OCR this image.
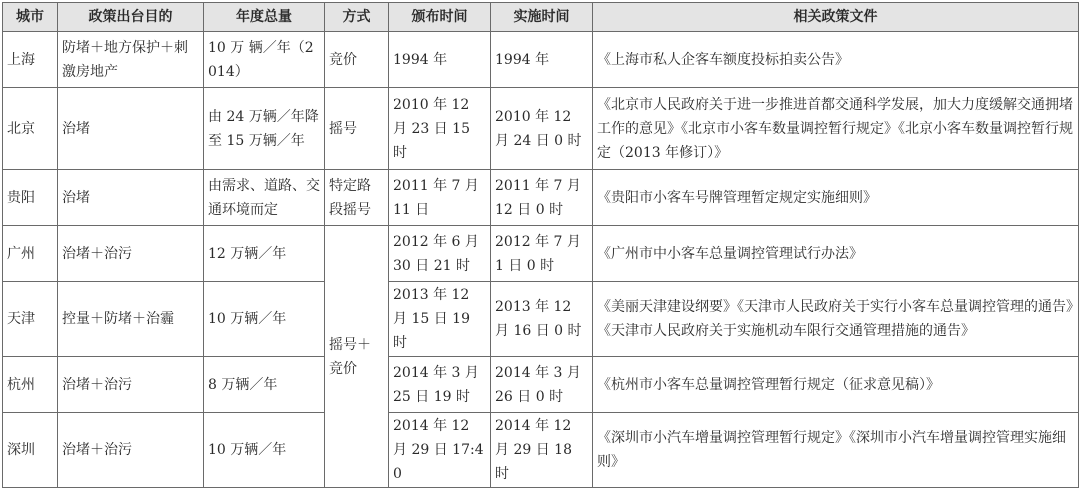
城市	政策出台目的	年度总量	方式	颁布时间	实施时间	相关政策文件
上海	防堵＋地方保护＋刺激房地产	10 万 辆／年（2014）	竞价	1994 年	1994 年	《上海市私人企客车额度投标拍卖公告》
北京	治堵	由 24 万辆／年降至 15 万辆／年	摇号	2010 年 12 月 23 日 15 时	2010 年 12 月 24 日 0 时	《北京市人民政府关于进一步推进首都交通科学发展，加大力度缓解交通拥堵工作的意见》《北京市小客车数量调控暂行规定》《北京小客车数量调控暂行规定（2013 年修订）》
贵阳	治堵	由需求、道路、交通环境而定	特定路段摇号	2011 年 7 月 11 日	2011 年 7 月 12 日 0 时	《贵阳市小客车号牌管理暂定规定实施细则》
广州	治堵＋治污	12 万辆／年	摇号＋竞价	2012 年 6 月 30 日 21 时	2012 年 7 月 1 日 0 时	《广州市中小客车总量调控管理试行办法》
天津	控量＋防堵＋治霾	10 万辆／年		2013 年 12 月 15 日 19 时	2013 年 12 月 16 日 0 时	《美丽天津建设纲要》《天津市人民政府关于实行小客车总量调控管理的通告》《天津市人民政府关于实施机动车限行交通管理措施的通告》
杭州	治堵＋治污	8 万辆／年		2014 年 3 月 25 日 19 时	2014 年 3 月 26 日 0 时	《杭州市小客车总量调控管理暂行规定（征求意见稿）》
深圳	治堵＋治污	10 万辆／年		2014 年 12 月 29 日 17:40	2014 年 12 月 29 日 18 时	《深圳市小汽车增量调控管理暂行规定》《深圳市小汽车增量调控管理实施细则》
